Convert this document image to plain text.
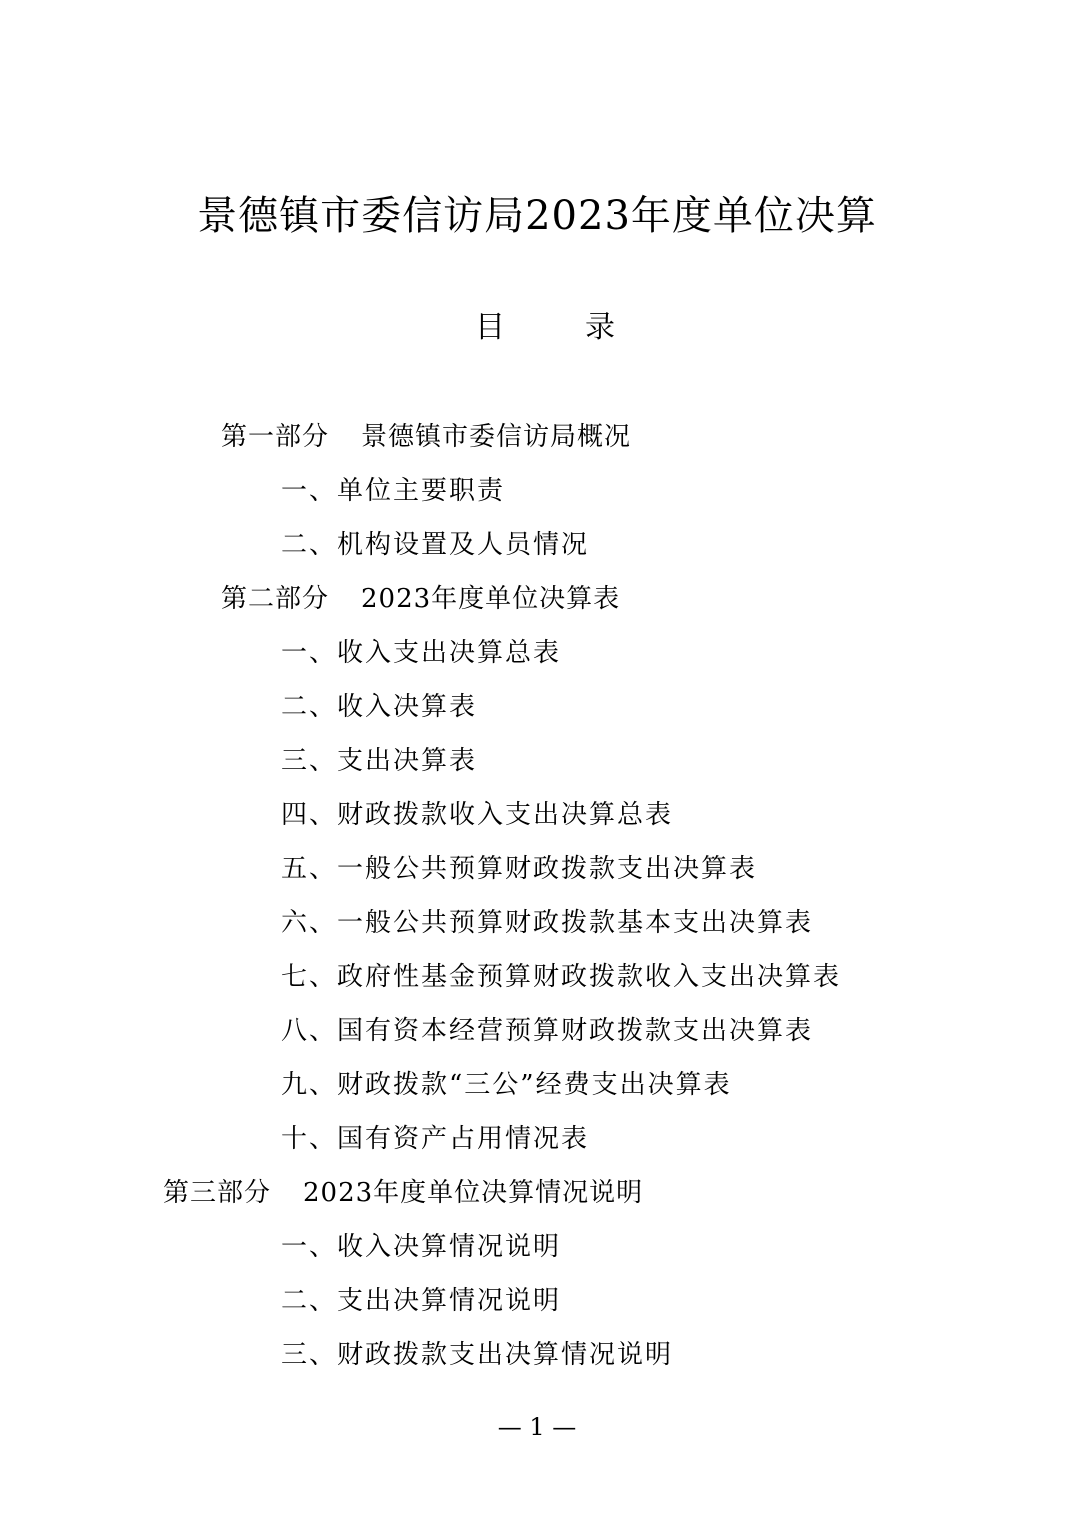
景德镇市委信访局2023年度单位决算
目	录
第一部分 景德镇市委信访局概况
一、单位主要职责
二、机构设置及人员情况
第二部分 2023年度单位决算表
一、收入支出决算总表
二、收入决算表
三、支出决算表
四、财政拨款收入支出决算总表
五、一般公共预算财政拨款支出决算表
六、一般公共预算财政拨款基本支出决算表
七、政府性基金预算财政拨款收入支出决算表
八、国有资本经营预算财政拨款支出决算表
九、财政拨款“三公”经费支出决算表
十、国有资产占用情况表
第三部分 2023年度单位决算情况说明
一、收入决算情况说明
二、支出决算情况说明
三、财政拨款支出决算情况说明
— 1 —
